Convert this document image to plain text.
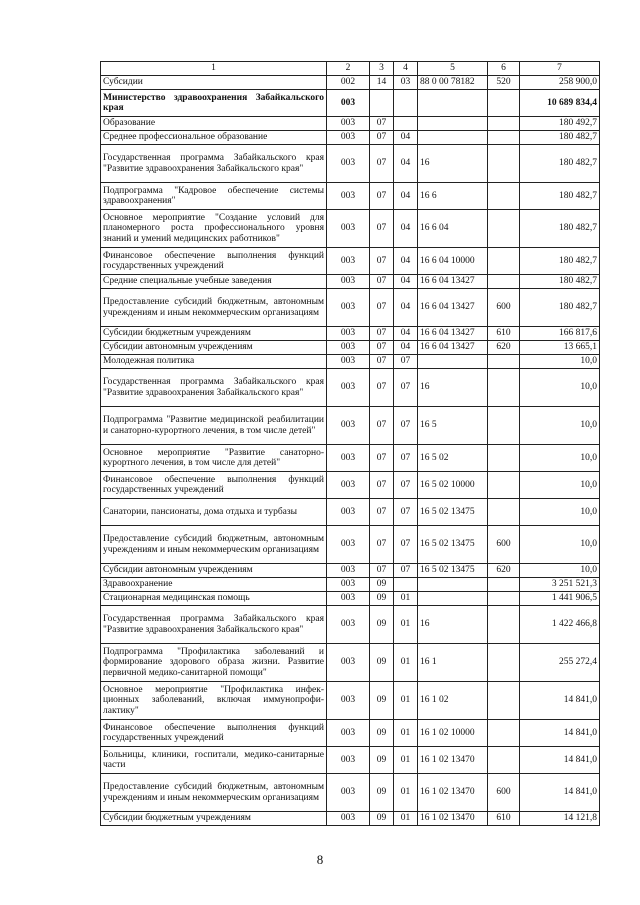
1	2	3	4	5	6	7
Субсидии	002	14	03	88 0 00 78182	520	258 900,0
Министерство здравоохранения Забайкальского края	003					10 689 834,4
Образование	003	07				180 492,7
Среднее профессиональное образование	003	07	04			180 482,7
Государственная программа Забайкальского края "Развитие здравоохранения Забайкальского края"	003	07	04	16		180 482,7
Подпрограмма "Кадровое обеспечение системы здравоохранения"	003	07	04	16 6		180 482,7
Основное мероприятие "Создание условий для планомерного роста профессионального уровня знаний и умений медицинских работников"	003	07	04	16 6 04		180 482,7
Финансовое обеспечение выполнения функций государственных учреждений	003	07	04	16 6 04 10000		180 482,7
Средние специальные учебные заведения	003	07	04	16 6 04 13427		180 482,7
Предоставление субсидий бюджетным, автономным учреждениям и иным некоммерческим организациям	003	07	04	16 6 04 13427	600	180 482,7
Субсидии бюджетным учреждениям	003	07	04	16 6 04 13427	610	166 817,6
Субсидии автономным учреждениям	003	07	04	16 6 04 13427	620	13 665,1
Молодежная политика	003	07	07			10,0
Государственная программа Забайкальского края "Развитие здравоохранения Забайкальского края"	003	07	07	16		10,0
Подпрограмма "Развитие медицинской реабилитации и санаторно-курортного лечения, в том числе детей"	003	07	07	16 5		10,0
Основное мероприятие "Развитие санаторно-курортного лечения, в том числе для детей"	003	07	07	16 5 02		10,0
Финансовое обеспечение выполнения функций государственных учреждений	003	07	07	16 5 02 10000		10,0
Санатории, пансионаты, дома отдыха и турбазы	003	07	07	16 5 02 13475		10,0
Предоставление субсидий бюджетным, автономным учреждениям и иным некоммерческим организациям	003	07	07	16 5 02 13475	600	10,0
Субсидии автономным учреждениям	003	07	07	16 5 02 13475	620	10,0
Здравоохранение	003	09				3 251 521,3
Стационарная медицинская помощь	003	09	01			1 441 906,5
Государственная программа Забайкальского края "Развитие здравоохранения Забайкальского края"	003	09	01	16		1 422 466,8
Подпрограмма "Профилактика заболеваний и формирование здорового образа жизни. Развитие первичной медико-санитарной помощи"	003	09	01	16 1		255 272,4
Основное мероприятие "Профилактика инфекционных заболеваний, включая иммунопрофилактику"	003	09	01	16 1 02		14 841,0
Финансовое обеспечение выполнения функций государственных учреждений	003	09	01	16 1 02 10000		14 841,0
Больницы, клиники, госпитали, медико-санитарные части	003	09	01	16 1 02 13470		14 841,0
Предоставление субсидий бюджетным, автономным учреждениям и иным некоммерческим организациям	003	09	01	16 1 02 13470	600	14 841,0
Субсидии бюджетным учреждениям	003	09	01	16 1 02 13470	610	14 121,8
8
